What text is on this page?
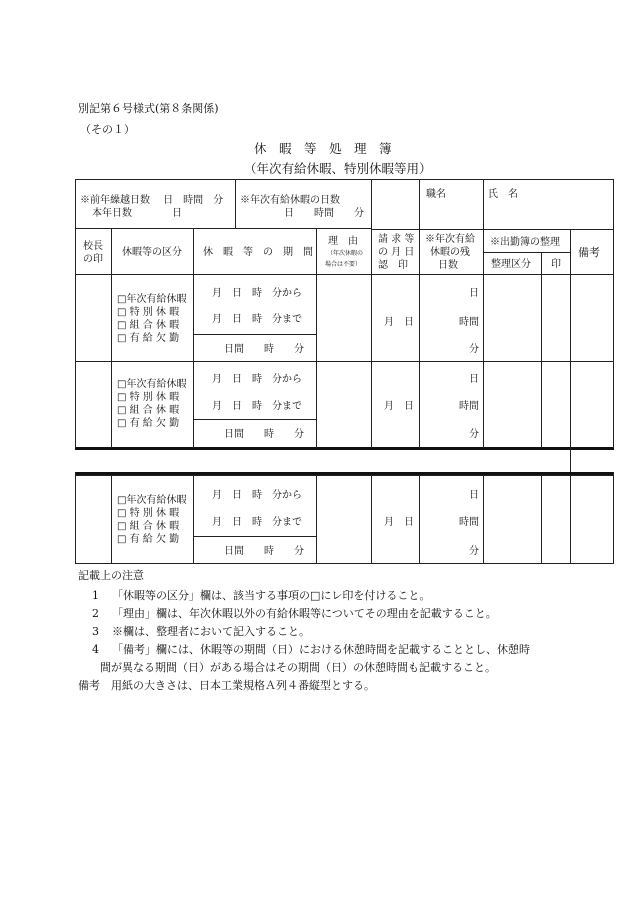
別記第６号様式(第８条関係)
（その１）
休　暇　等　処　理　簿
（年次有給休暇、特別休暇等用）
※前年繰越日数　 日　時間　分
本年日数　　　　日
※年次有給休暇の日数
日　　時間　　分
職名	氏　名
校長
の印
休暇等の区分 休　暇　等　の　期　間
理　由
（年次休暇の
場合は不要）
請 求 等
の 月 日
認　印
※年次有給
休暇の残
日数
※出勤簿の整理
整理区分 印
備考
□年次有給休暇
□ 特 別 休 暇
□ 組 合 休 暇
□ 有 給 欠 勤
月　日　時　分から
月　日　時　分まで
日間　　時　　分
月　日
日
時間
分
□年次有給休暇
□ 特 別 休 暇
□ 組 合 休 暇
□ 有 給 欠 勤
月　日　時　分から
月　日　時　分まで
日間　　時　　分
月　日
日
時間
分
□年次有給休暇
□ 特 別 休 暇
□ 組 合 休 暇
□ 有 給 欠 勤
月　日　時　分から
月　日　時　分まで
日間　　時　　分
月　日
日
時間
分
記載上の注意
1 「休暇等の区分」欄は、該当する事項の□にレ印を付けること。
2 「理由」欄は、年次休暇以外の有給休暇等についてその理由を記載すること。
3 ※欄は、整理者において記入すること。
4 「備考」欄には、休暇等の期間（日）における休憩時間を記載することとし、休憩時
間が異なる期間（日）がある場合はその期間（日）の休憩時間も記載すること。
備考　用紙の大きさは、日本工業規格Ａ列４番縦型とする。
